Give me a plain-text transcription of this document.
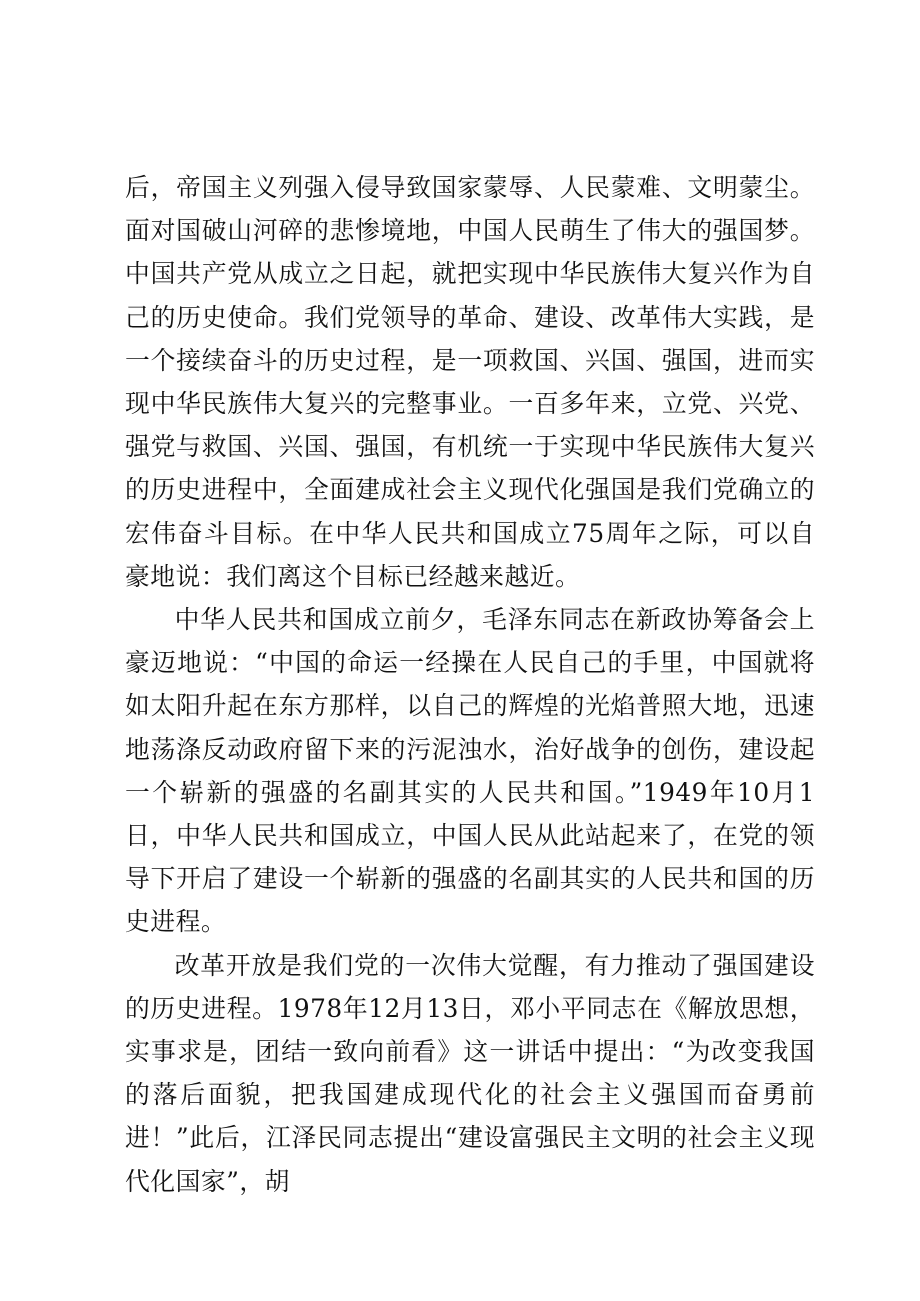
后，帝国主义列强入侵导致国家蒙辱、人民蒙难、文明蒙尘。面对国破山河碎的悲惨境地，中国人民萌生了伟大的强国梦。中国共产党从成立之日起，就把实现中华民族伟大复兴作为自己的历史使命。我们党领导的革命、建设、改革伟大实践，是一个接续奋斗的历史过程，是一项救国、兴国、强国，进而实现中华民族伟大复兴的完整事业。一百多年来，立党、兴党、强党与救国、兴国、强国，有机统一于实现中华民族伟大复兴的历史进程中，全面建成社会主义现代化强国是我们党确立的宏伟奋斗目标。在中华人民共和国成立75周年之际，可以自豪地说：我们离这个目标已经越来越近。

中华人民共和国成立前夕，毛泽东同志在新政协筹备会上豪迈地说：“中国的命运一经操在人民自己的手里，中国就将如太阳升起在东方那样，以自己的辉煌的光焰普照大地，迅速地荡涤反动政府留下来的污泥浊水，治好战争的创伤，建设起一个崭新的强盛的名副其实的人民共和国。”1949年10月1日，中华人民共和国成立，中国人民从此站起来了，在党的领导下开启了建设一个崭新的强盛的名副其实的人民共和国的历史进程。

改革开放是我们党的一次伟大觉醒，有力推动了强国建设的历史进程。1978年12月13日，邓小平同志在《解放思想，实事求是，团结一致向前看》这一讲话中提出：“为改变我国的落后面貌，把我国建成现代化的社会主义强国而奋勇前进！”此后，江泽民同志提出“建设富强民主文明的社会主义现代化国家”，胡
